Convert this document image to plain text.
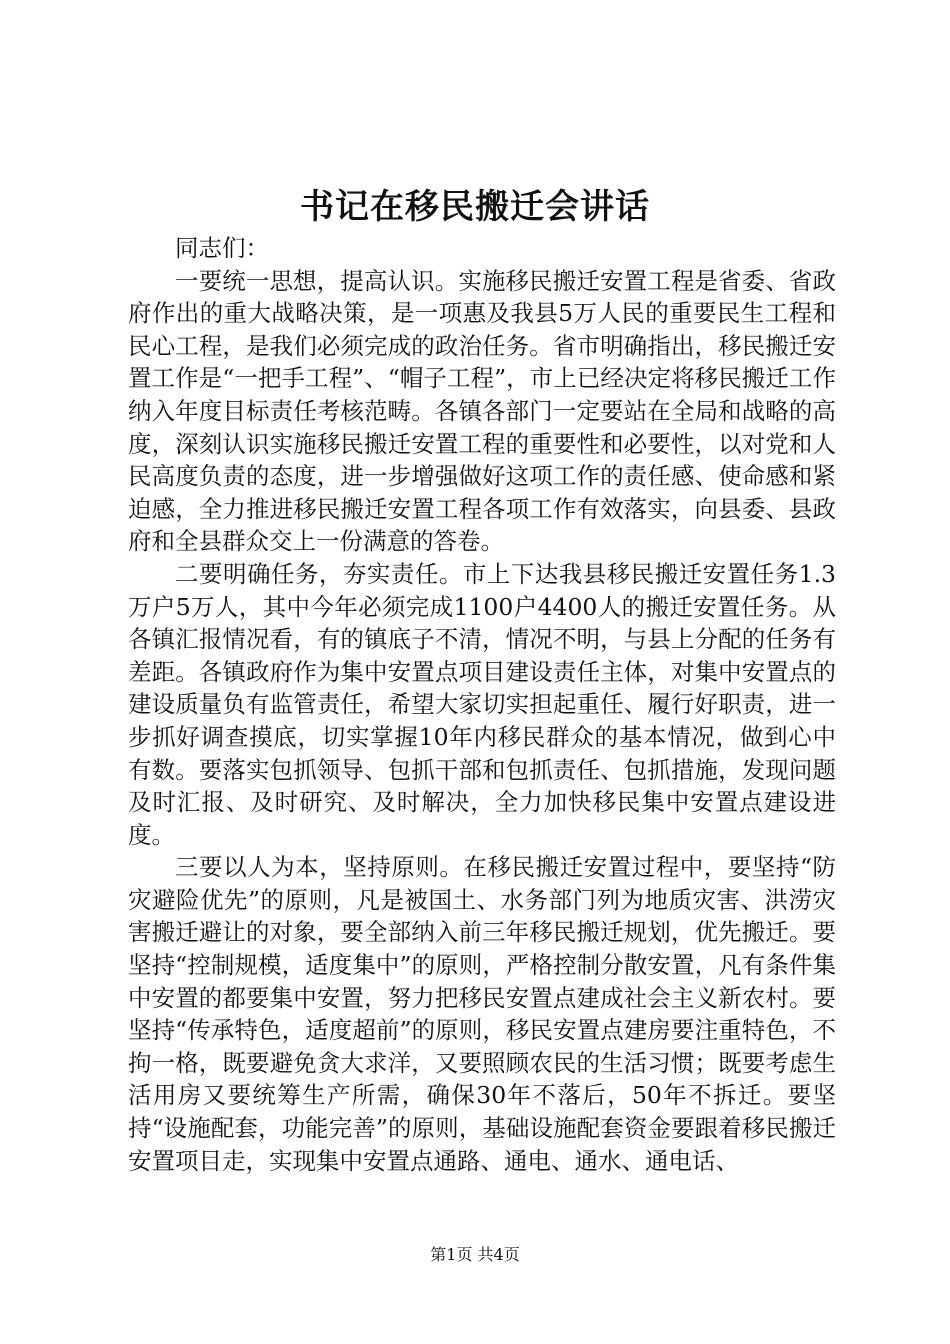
书记在移民搬迁会讲话

同志们：

一要统一思想，提高认识。实施移民搬迁安置工程是省委、省政府作出的重大战略决策，是一项惠及我县5万人民的重要民生工程和民心工程，是我们必须完成的政治任务。省市明确指出，移民搬迁安置工作是“一把手工程”、“帽子工程”，市上已经决定将移民搬迁工作纳入年度目标责任考核范畴。各镇各部门一定要站在全局和战略的高度，深刻认识实施移民搬迁安置工程的重要性和必要性，以对党和人民高度负责的态度，进一步增强做好这项工作的责任感、使命感和紧迫感，全力推进移民搬迁安置工程各项工作有效落实，向县委、县政府和全县群众交上一份满意的答卷。

二要明确任务，夯实责任。市上下达我县移民搬迁安置任务1.3万户5万人，其中今年必须完成1100户4400人的搬迁安置任务。从各镇汇报情况看，有的镇底子不清，情况不明，与县上分配的任务有差距。各镇政府作为集中安置点项目建设责任主体，对集中安置点的建设质量负有监管责任，希望大家切实担起重任、履行好职责，进一步抓好调查摸底，切实掌握10年内移民群众的基本情况，做到心中有数。要落实包抓领导、包抓干部和包抓责任、包抓措施，发现问题及时汇报、及时研究、及时解决，全力加快移民集中安置点建设进度。

三要以人为本，坚持原则。在移民搬迁安置过程中，要坚持“防灾避险优先”的原则，凡是被国土、水务部门列为地质灾害、洪涝灾害搬迁避让的对象，要全部纳入前三年移民搬迁规划，优先搬迁。要坚持“控制规模，适度集中”的原则，严格控制分散安置，凡有条件集中安置的都要集中安置，努力把移民安置点建成社会主义新农村。要坚持“传承特色，适度超前”的原则，移民安置点建房要注重特色，不拘一格，既要避免贪大求洋，又要照顾农民的生活习惯；既要考虑生活用房又要统筹生产所需，确保30年不落后，50年不拆迁。要坚持“设施配套，功能完善”的原则，基础设施配套资金要跟着移民搬迁安置项目走，实现集中安置点通路、通电、通水、通电话、

第1页 共4页
